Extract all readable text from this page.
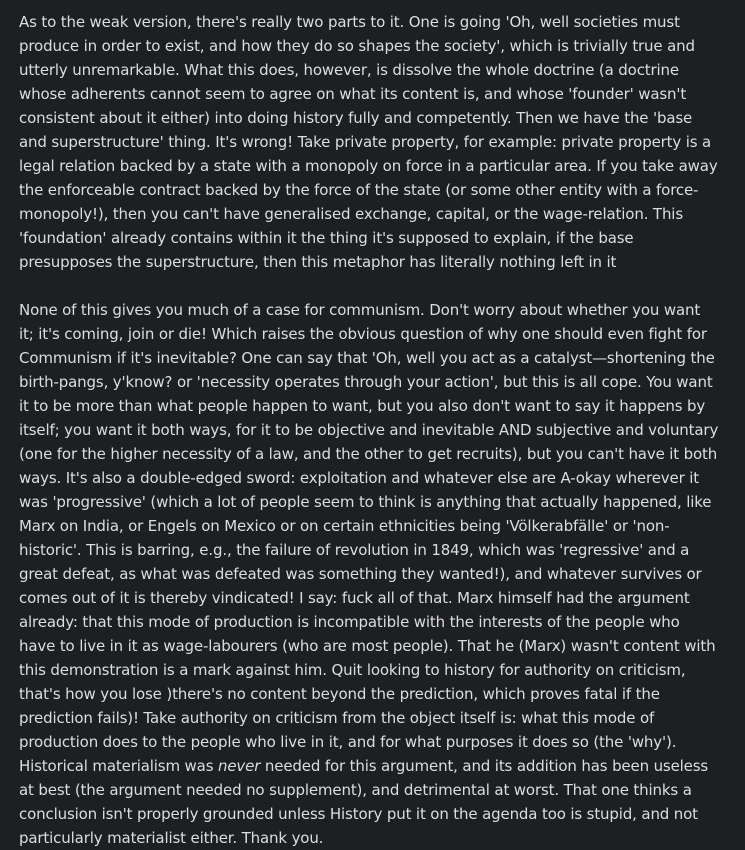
As to the weak version, there's really two parts to it. One is going 'Oh, well societies must produce in order to exist, and how they do so shapes the society', which is trivially true and utterly unremarkable. What this does, however, is dissolve the whole doctrine (a doctrine whose adherents cannot seem to agree on what its content is, and whose 'founder' wasn't consistent about it either) into doing history fully and competently. Then we have the 'base and superstructure' thing. It's wrong! Take private property, for example: private property is a legal relation backed by a state with a monopoly on force in a particular area. If you take away the enforceable contract backed by the force of the state (or some other entity with a force-monopoly!), then you can't have generalised exchange, capital, or the wage-relation. This 'foundation' already contains within it the thing it's supposed to explain, if the base presupposes the superstructure, then this metaphor has literally nothing left in it

None of this gives you much of a case for communism. Don't worry about whether you want it; it's coming, join or die! Which raises the obvious question of why one should even fight for Communism if it's inevitable? One can say that 'Oh, well you act as a catalyst—shortening the birth-pangs, y'know? or 'necessity operates through your action', but this is all cope. You want it to be more than what people happen to want, but you also don't want to say it happens by itself; you want it both ways, for it to be objective and inevitable AND subjective and voluntary (one for the higher necessity of a law, and the other to get recruits), but you can't have it both ways. It's also a double-edged sword: exploitation and whatever else are A-okay wherever it was 'progressive' (which a lot of people seem to think is anything that actually happened, like Marx on India, or Engels on Mexico or on certain ethnicities being 'Völkerabfälle' or 'non-historic'. This is barring, e.g., the failure of revolution in 1849, which was 'regressive' and a great defeat, as what was defeated was something they wanted!), and whatever survives or comes out of it is thereby vindicated! I say: fuck all of that. Marx himself had the argument already: that this mode of production is incompatible with the interests of the people who have to live in it as wage-labourers (who are most people). That he (Marx) wasn't content with this demonstration is a mark against him. Quit looking to history for authority on criticism, that's how you lose )there's no content beyond the prediction, which proves fatal if the prediction fails)! Take authority on criticism from the object itself is: what this mode of production does to the people who live in it, and for what purposes it does so (the 'why'). Historical materialism was never needed for this argument, and its addition has been useless at best (the argument needed no supplement), and detrimental at worst. That one thinks a conclusion isn't properly grounded unless History put it on the agenda too is stupid, and not particularly materialist either. Thank you.
